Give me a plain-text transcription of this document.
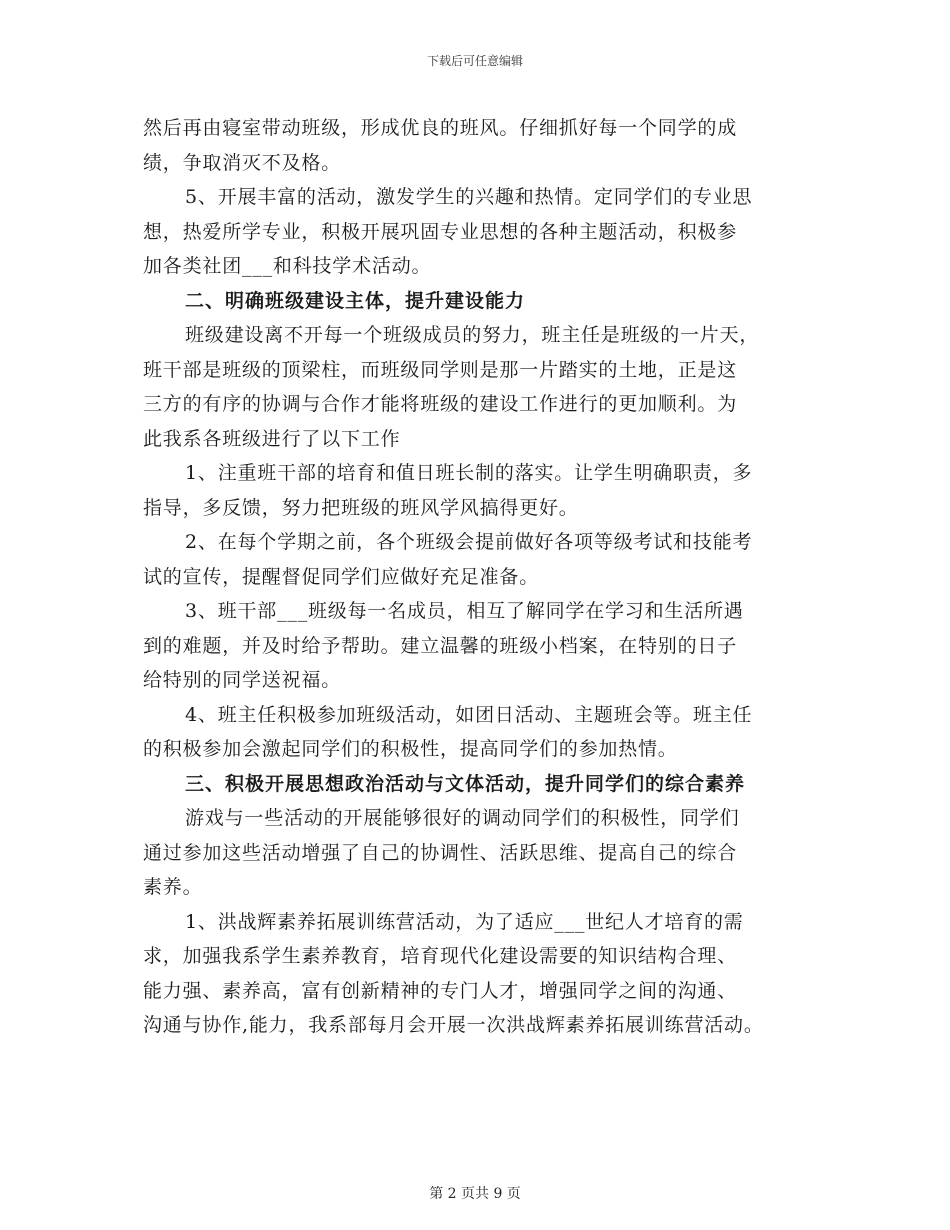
下载后可任意编辑
然后再由寝室带动班级，形成优良的班风。仔细抓好每一个同学的成
绩，争取消灭不及格。
5、开展丰富的活动，激发学生的兴趣和热情。定同学们的专业思
想，热爱所学专业，积极开展巩固专业思想的各种主题活动，积极参
加各类社团___和科技学术活动。
二、明确班级建设主体，提升建设能力
班级建设离不开每一个班级成员的努力，班主任是班级的一片天，
班干部是班级的顶梁柱，而班级同学则是那一片踏实的土地，正是这
三方的有序的协调与合作才能将班级的建设工作进行的更加顺利。为
此我系各班级进行了以下工作
1、注重班干部的培育和值日班长制的落实。让学生明确职责，多
指导，多反馈，努力把班级的班风学风搞得更好。
2、在每个学期之前，各个班级会提前做好各项等级考试和技能考
试的宣传，提醒督促同学们应做好充足准备。
3、班干部___班级每一名成员，相互了解同学在学习和生活所遇
到的难题，并及时给予帮助。建立温馨的班级小档案，在特别的日子
给特别的同学送祝福。
4、班主任积极参加班级活动，如团日活动、主题班会等。班主任
的积极参加会激起同学们的积极性，提高同学们的参加热情。
三、积极开展思想政治活动与文体活动，提升同学们的综合素养
游戏与一些活动的开展能够很好的调动同学们的积极性，同学们
通过参加这些活动增强了自己的协调性、活跃思维、提高自己的综合
素养。
1、洪战辉素养拓展训练营活动，为了适应___世纪人才培育的需
求，加强我系学生素养教育，培育现代化建设需要的知识结构合理、
能力强、素养高，富有创新精神的专门人才，增强同学之间的沟通、
沟通与协作,能力，我系部每月会开展一次洪战辉素养拓展训练营活动。
第 2 页共 9 页
